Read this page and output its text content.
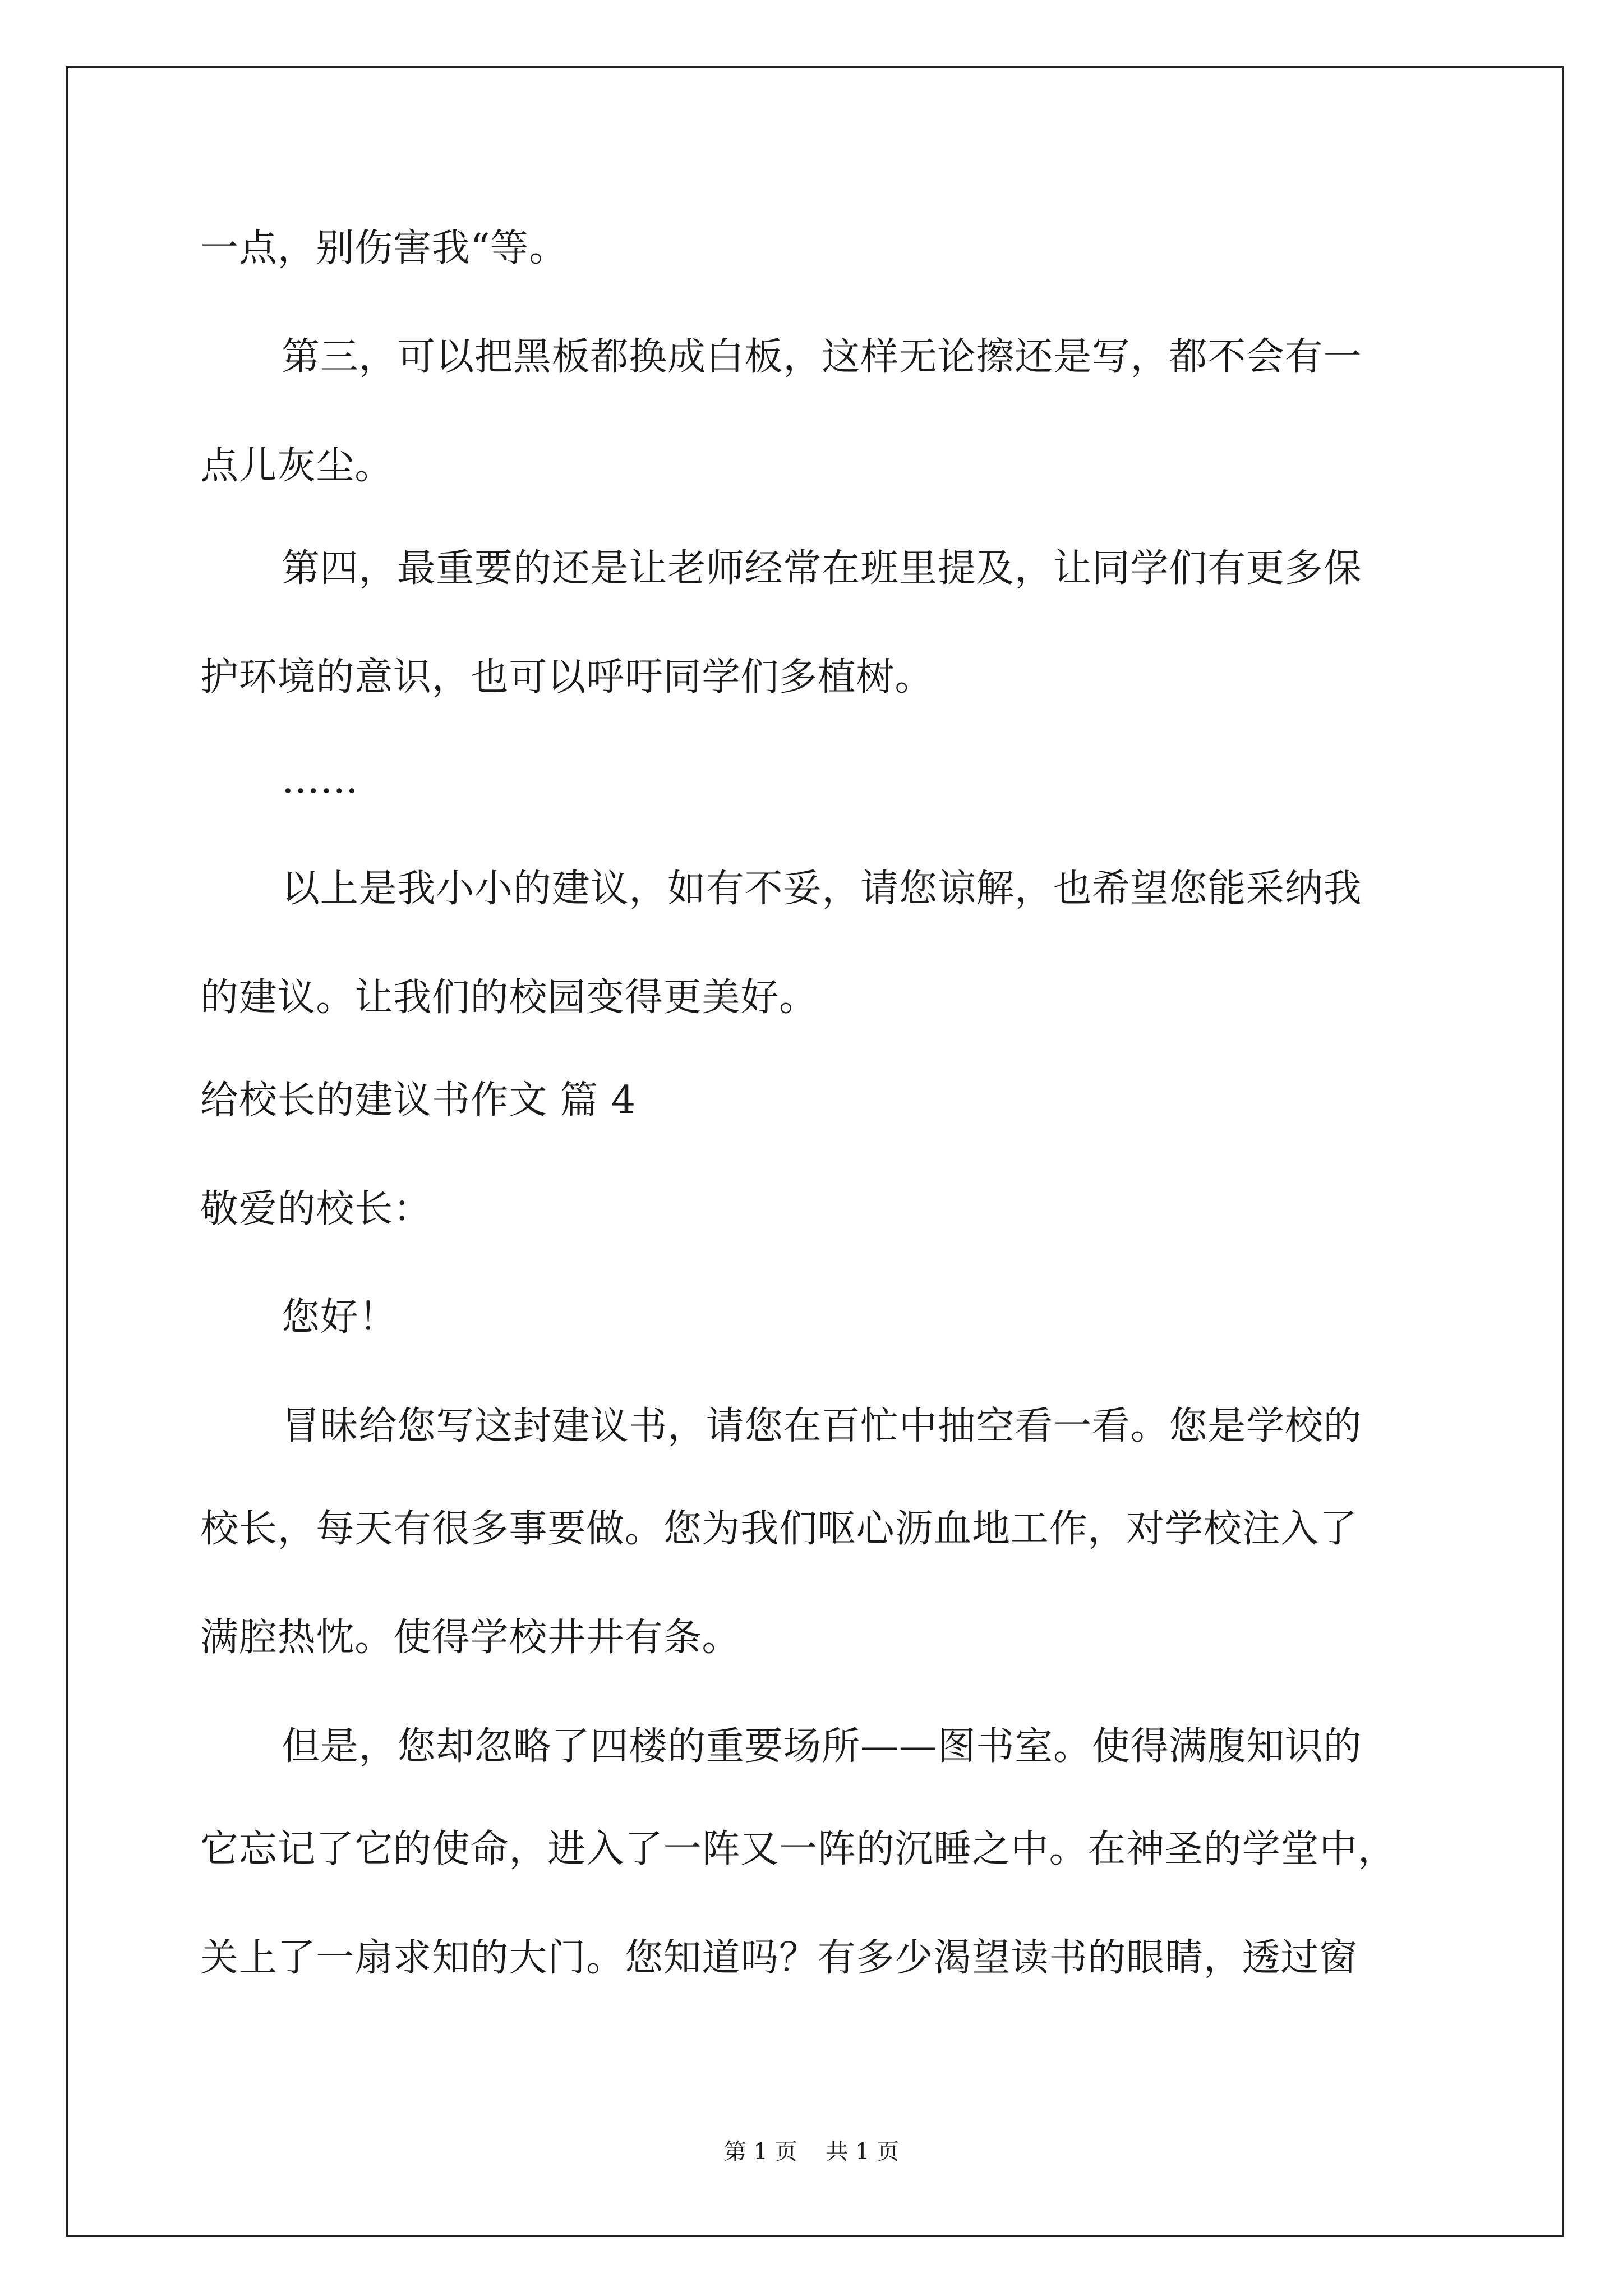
一点，别伤害我“等。
第三，可以把黑板都换成白板，这样无论擦还是写，都不会有一
点儿灰尘。
第四，最重要的还是让老师经常在班里提及，让同学们有更多保
护环境的意识，也可以呼吁同学们多植树。
……
以上是我小小的建议，如有不妥，请您谅解，也希望您能采纳我
的建议。让我们的校园变得更美好。
给校长的建议书作文 篇 4
敬爱的校长：
您好！
冒昧给您写这封建议书，请您在百忙中抽空看一看。您是学校的
校长，每天有很多事要做。您为我们呕心沥血地工作，对学校注入了
满腔热忱。使得学校井井有条。
但是，您却忽略了四楼的重要场所——图书室。使得满腹知识的
它忘记了它的使命，进入了一阵又一阵的沉睡之中。在神圣的学堂中，
关上了一扇求知的大门。您知道吗？有多少渴望读书的眼睛，透过窗
第 1 页    共 1 页
